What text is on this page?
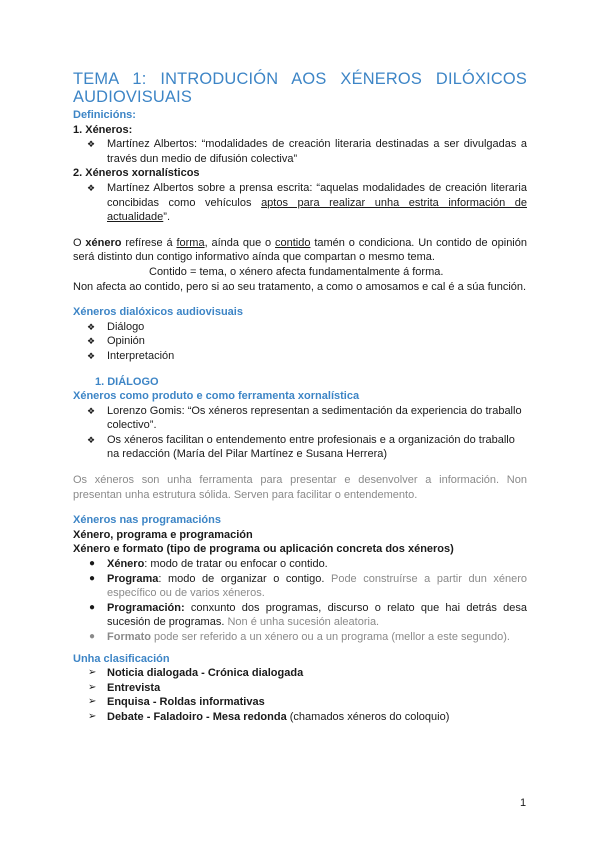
TEMA 1: INTRODUCIÓN AOS XÉNEROS DILÓXICOS
AUDIOVISUAIS
Definicións:
1. Xéneros:
❖	Martínez Albertos: “modalidades de creación literaria destinadas a ser divulgadas a través dun medio de difusión colectiva”
2. Xéneros xornalísticos
❖	Martínez Albertos sobre a prensa escrita: “aquelas modalidades de creación literaria concibidas como vehículos aptos para realizar unha estrita información de actualidade”.
O xénero refírese á forma, aínda que o contido tamén o condiciona. Un contido de opinión será distinto dun contigo informativo aínda que compartan o mesmo tema.
Contido = tema, o xénero afecta fundamentalmente á forma.
Non afecta ao contido, pero si ao seu tratamento, a como o amosamos e cal é a súa función.
Xéneros dialóxicos audiovisuais
❖	Diálogo
❖	Opinión
❖	Interpretación
1. DIÁLOGO
Xéneros como produto e como ferramenta xornalística
❖	Lorenzo Gomis: “Os xéneros representan a sedimentación da experiencia do traballo colectivo”.
❖	Os xéneros facilitan o entendemento entre profesionais e a organización do traballo na redacción (María del Pilar Martínez e Susana Herrera)
Os xéneros son unha ferramenta para presentar e desenvolver a información. Non presentan unha estrutura sólida. Serven para facilitar o entendemento.
Xéneros nas programacións
Xénero, programa e programación
Xénero e formato (tipo de programa ou aplicación concreta dos xéneros)
●	Xénero: modo de tratar ou enfocar o contido.
●	Programa: modo de organizar o contigo. Pode construírse a partir dun xénero específico ou de varios xéneros.
●	Programación: conxunto dos programas, discurso o relato que hai detrás desa sucesión de programas. Non é unha sucesión aleatoria.
●	Formato pode ser referido a un xénero ou a un programa (mellor a este segundo).
Unha clasificación
➢ Noticia dialogada - Crónica dialogada
➢ Entrevista
➢ Enquisa - Roldas informativas
➢ Debate - Faladoiro - Mesa redonda (chamados xéneros do coloquio)
1
